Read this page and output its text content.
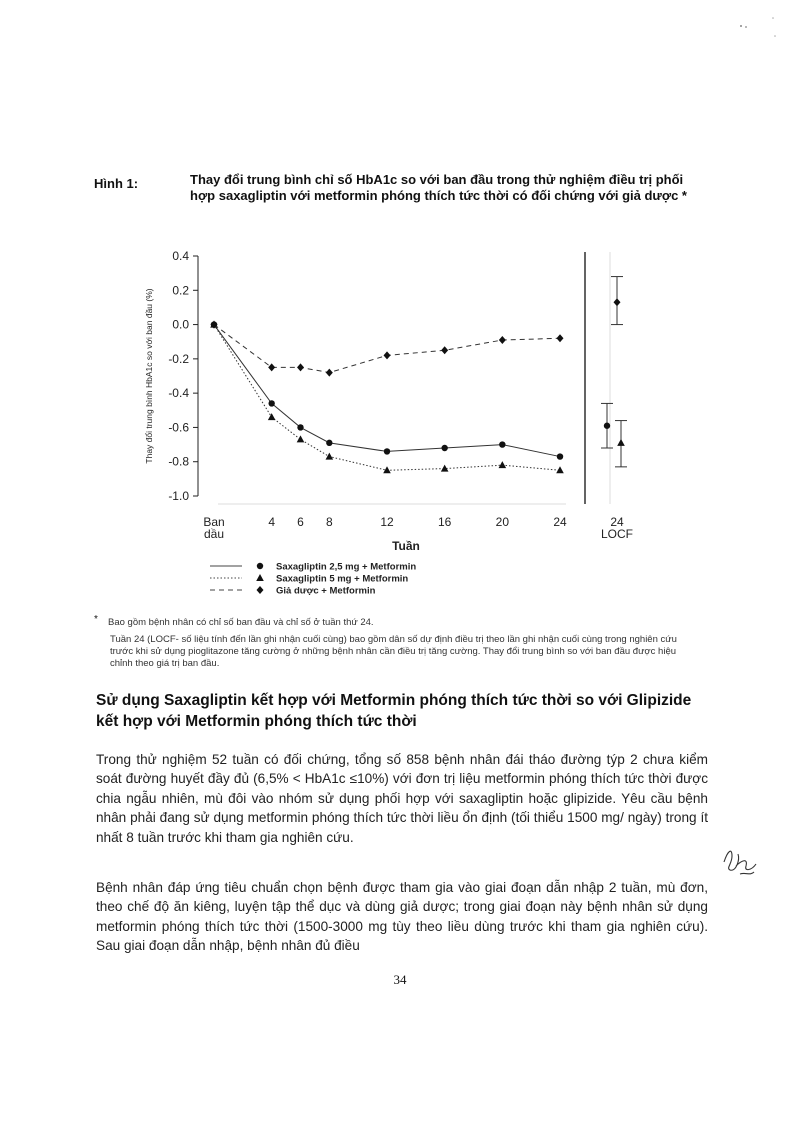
Hình 1:	Thay đổi trung bình chỉ số HbA1c so với ban đầu trong thử nghiệm điều trị phối hợp saxagliptin với metformin phóng thích tức thời có đối chứng với giả dược *
0.4
0.2
0.0
-0.2
-0.4
-0.6
-0.8
-1.0
Thay đổi trung bình HbA1c so với ban đầu (%)
Ban
dầu
4 6 8	12	16	20	24	24
LOCF
Tuần
Saxagliptin 2,5 mg + Metformin
Saxagliptin 5 mg + Metformin
Giả dược + Metformin
* Bao gồm bệnh nhân có chỉ số ban đầu và chỉ số ở tuần thứ 24.
Tuần 24 (LOCF- số liệu tính đến lần ghi nhận cuối cùng) bao gồm dân số dự định điều trị theo lần ghi nhận cuối cùng trong nghiên cứu trước khi sử dụng pioglitazone tăng cường ở những bệnh nhân cần điều trị tăng cường. Thay đổi trung bình so với ban đầu được hiệu chỉnh theo giá trị ban đầu.
Sử dụng Saxagliptin kết hợp với Metformin phóng thích tức thời so với Glipizide kết hợp với Metformin phóng thích tức thời
Trong thử nghiệm 52 tuần có đối chứng, tổng số 858 bệnh nhân đái tháo đường týp 2 chưa kiểm soát đường huyết đầy đủ (6,5% < HbA1c ≤10%) với đơn trị liệu metformin phóng thích tức thời được chia ngẫu nhiên, mù đôi vào nhóm sử dụng phối hợp với saxagliptin hoặc glipizide. Yêu cầu bệnh nhân phải đang sử dụng metformin phóng thích tức thời liều ổn định (tối thiểu 1500 mg/ ngày) trong ít nhất 8 tuần trước khi tham gia nghiên cứu.
Bệnh nhân đáp ứng tiêu chuẩn chọn bệnh được tham gia vào giai đoạn dẫn nhập 2 tuần, mù đơn, theo chế độ ăn kiêng, luyện tập thể dục và dùng giả dược; trong giai đoạn này bệnh nhân sử dụng metformin phóng thích tức thời (1500-3000 mg tùy theo liều dùng trước khi tham gia nghiên cứu). Sau giai đoạn dẫn nhập, bệnh nhân đủ điều
34
